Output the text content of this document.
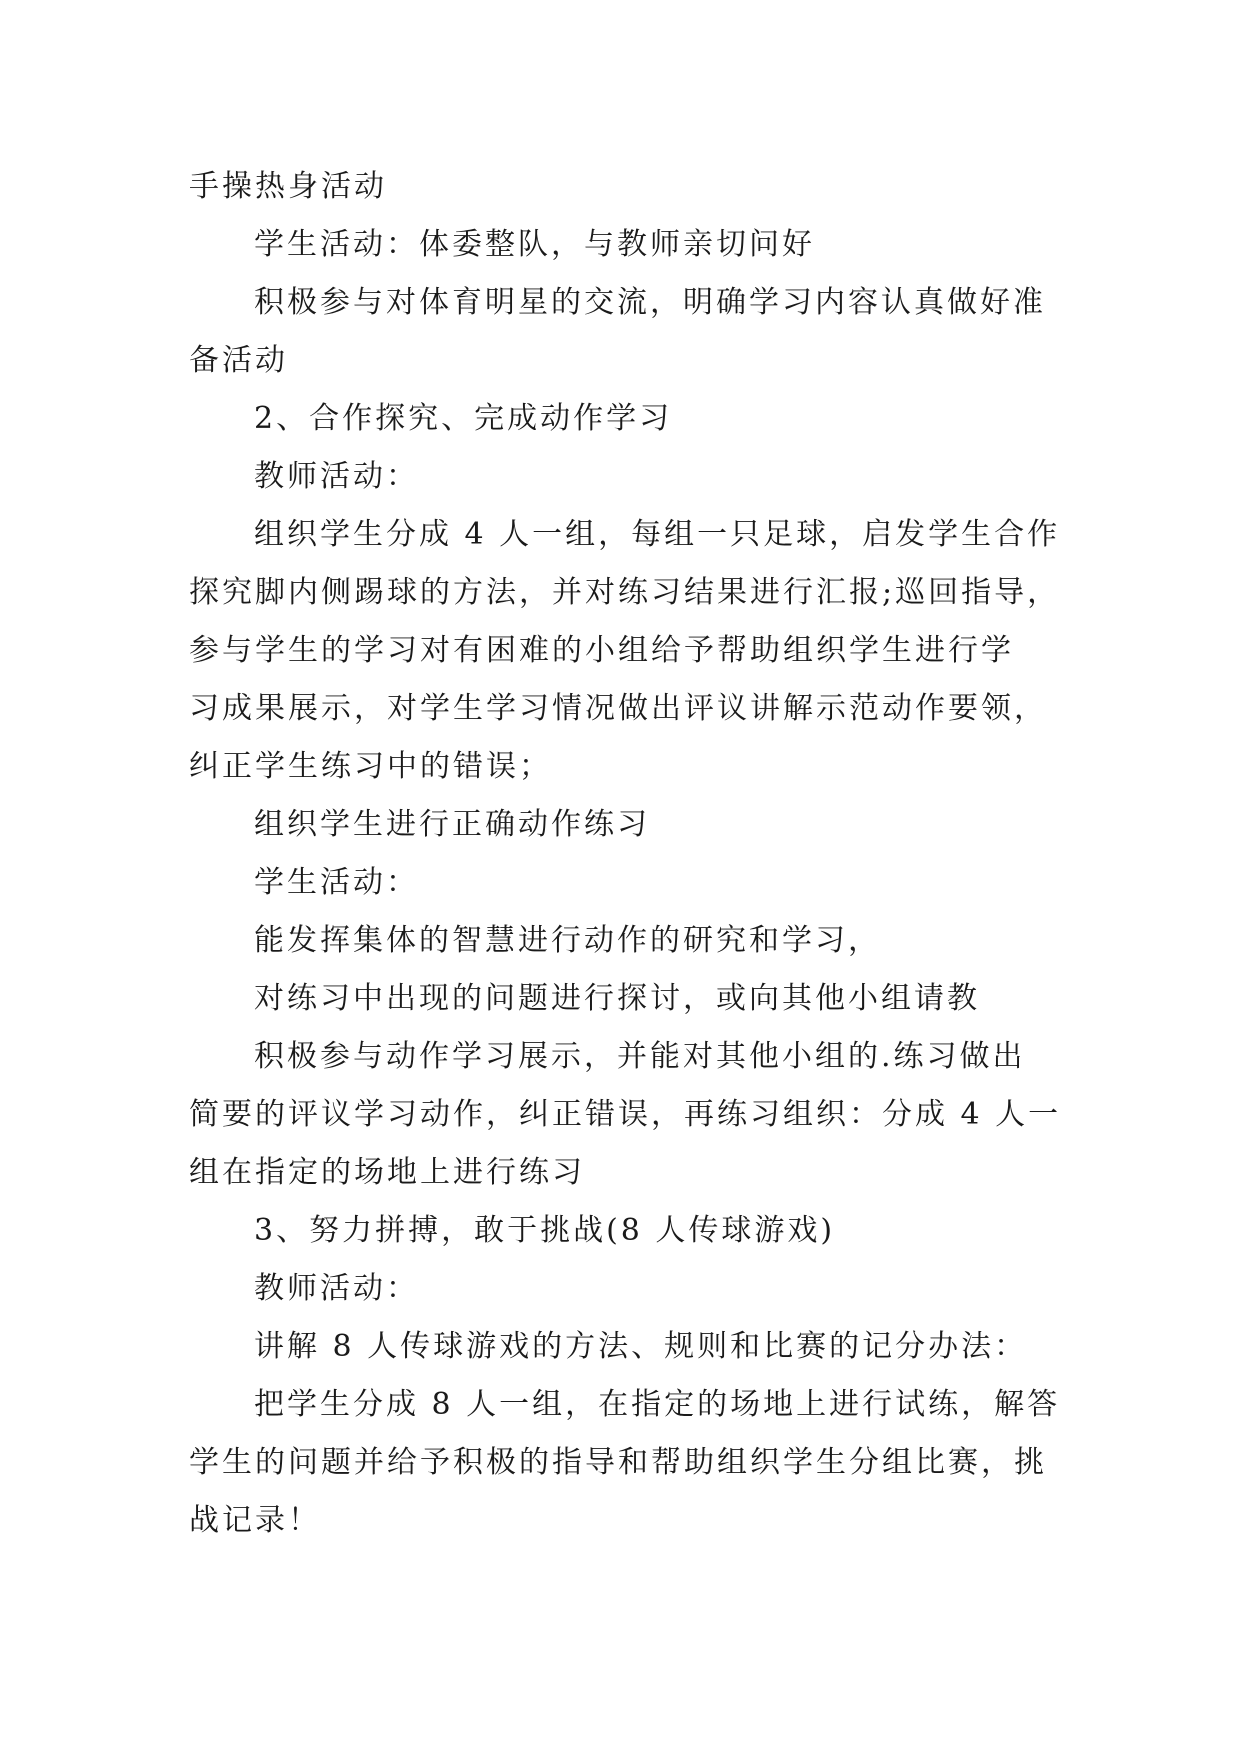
手操热身活动
学生活动：体委整队，与教师亲切问好
积极参与对体育明星的交流，明确学习内容认真做好准
备活动
2、合作探究、完成动作学习
教师活动：
组织学生分成 4 人一组，每组一只足球，启发学生合作
探究脚内侧踢球的方法，并对练习结果进行汇报;巡回指导，
参与学生的学习对有困难的小组给予帮助组织学生进行学
习成果展示，对学生学习情况做出评议讲解示范动作要领，
纠正学生练习中的错误；
组织学生进行正确动作练习
学生活动：
能发挥集体的智慧进行动作的研究和学习，
对练习中出现的问题进行探讨，或向其他小组请教
积极参与动作学习展示，并能对其他小组的.练习做出
简要的评议学习动作，纠正错误，再练习组织：分成 4 人一
组在指定的场地上进行练习
3、努力拼搏，敢于挑战(8 人传球游戏)
教师活动：
讲解 8 人传球游戏的方法、规则和比赛的记分办法：
把学生分成 8 人一组，在指定的场地上进行试练，解答
学生的问题并给予积极的指导和帮助组织学生分组比赛，挑
战记录！
